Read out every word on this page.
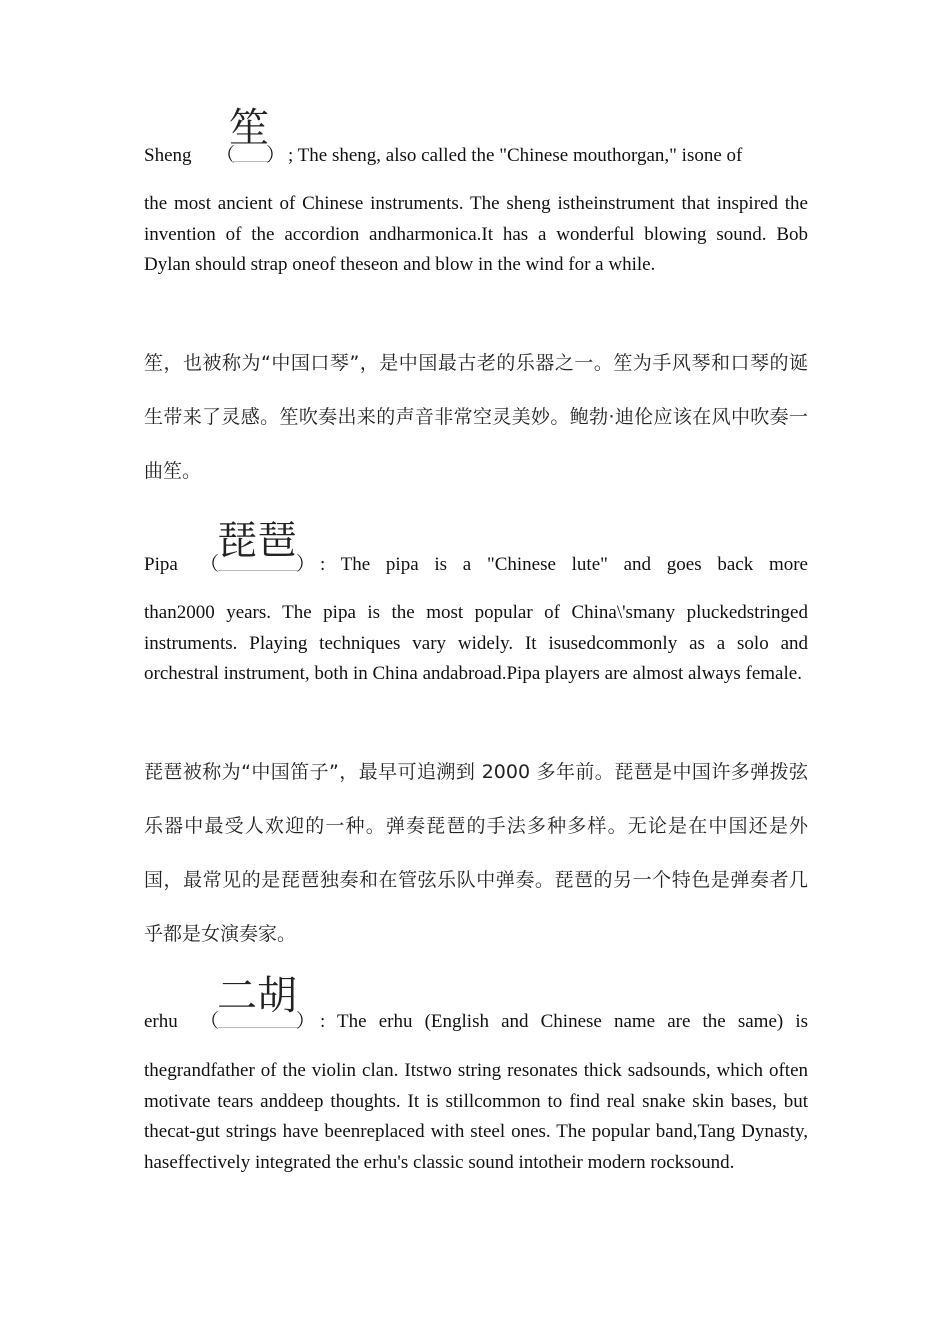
Sheng （
笙
） ; The sheng, also called the "Chinese mouthorgan," isone of

the most ancient of Chinese instruments. The sheng istheinstrument that inspired the invention of the accordion andharmonica.It has a wonderful blowing sound. Bob Dylan should strap oneof theseon and blow in the wind for a while.

笙，也被称为“中国口琴”，是中国最古老的乐器之一。笙为手风琴和口琴的诞生带来了灵感。笙吹奏出来的声音非常空灵美妙。鲍勃·迪伦应该在风中吹奏一曲笙。

Pipa （
琵琶
） : The pipa is a "Chinese lute" and goes back more

than2000 years. The pipa is the most popular of China\'smany pluckedstringed instruments. Playing techniques vary widely. It isusedcommonly as a solo and orchestral instrument, both in China andabroad.Pipa players are almost always female.

琵琶被称为“中国笛子”，最早可追溯到 2000 多年前。琵琶是中国许多弹拨弦乐器中最受人欢迎的一种。弹奏琵琶的手法多种多样。无论是在中国还是外国，最常见的是琵琶独奏和在管弦乐队中弹奏。琵琶的另一个特色是弹奏者几乎都是女演奏家。

erhu （
二胡
） : The erhu (English and Chinese name are the same) is

thegrandfather of the violin clan. Itstwo string resonates thick sadsounds, which often motivate tears anddeep thoughts. It is stillcommon to find real snake skin bases, but thecat-gut strings have beenreplaced with steel ones. The popular band,Tang Dynasty, haseffectively integrated the erhu's classic sound intotheir modern rocksound.
